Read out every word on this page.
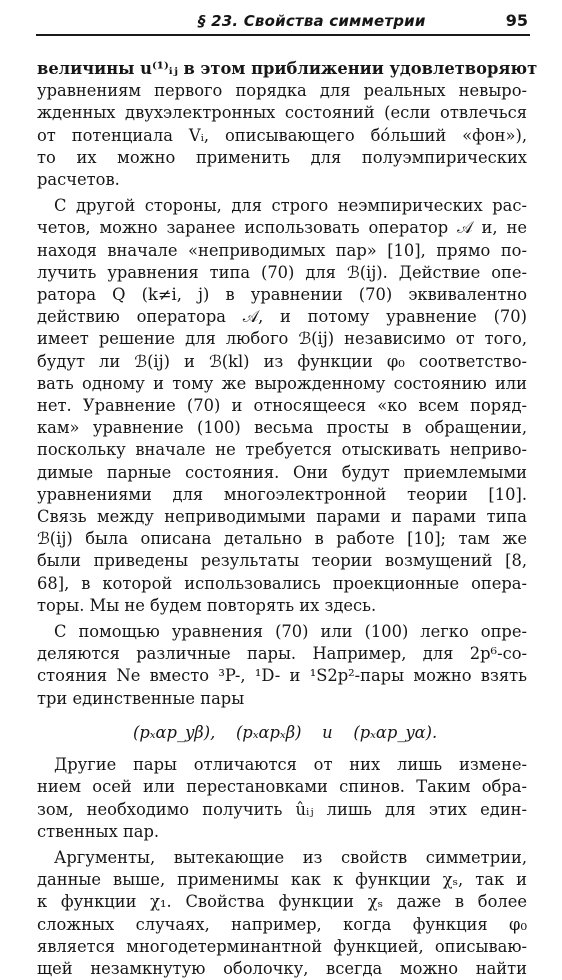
§ 23. Свойства симметрии	95
величины u⁽¹⁾ᵢⱼ в этом приближении удовлетворяют
уравнениям первого порядка для реальных невыро-
жденных двухэлектронных состояний (если отвлечься
от потенциала Vᵢ, описывающего бо́льший «фон»),
то их можно применить для полуэмпирических
расчетов.
С другой стороны, для строго неэмпирических рас-
четов, можно заранее использовать оператор 𝒜 и, не
находя вначале «неприводимых пар» [10], прямо по-
лучить уравнения типа (70) для ℬ(ij). Действие опе-
ратора Q (k≠i, j) в уравнении (70) эквивалентно
действию оператора 𝒜, и потому уравнение (70)
имеет решение для любого ℬ(ij) независимо от того,
будут ли ℬ(ij) и ℬ(kl) из функции φ₀ соответство-
вать одному и тому же вырожденному состоянию или
нет. Уравнение (70) и относящееся «ко всем поряд-
кам» уравнение (100) весьма просты в обращении,
поскольку вначале не требуется отыскивать неприво-
димые парные состояния. Они будут приемлемыми
уравнениями для многоэлектронной теории [10].
Связь между неприводимыми парами и парами типа
ℬ(ij) была описана детально в работе [10]; там же
были приведены результаты теории возмущений [8,
68], в которой использовались проекционные опера-
торы. Мы не будем повторять их здесь.
С помощью уравнения (70) или (100) легко опре-
деляются различные пары. Например, для 2p⁶-со-
стояния Ne вместо ³P-, ¹D- и ¹S2p²-пары можно взять
три единственные пары
(pₓαp_yβ),    (pₓαpₓβ)    и    (pₓαp_yα).
Другие пары отличаются от них лишь измене-
нием осей или перестановками спинов. Таким обра-
зом, необходимо получить ûᵢⱼ лишь для этих един-
ственных пар.
Аргументы, вытекающие из свойств симметрии,
данные выше, применимы как к функции χₛ, так и
к функции χ₁. Свойства функции χₛ даже в более
сложных случаях, например, когда функция φ₀
является многодетерминантной функцией, описываю-
щей незамкнутую оболочку, всегда можно найти
